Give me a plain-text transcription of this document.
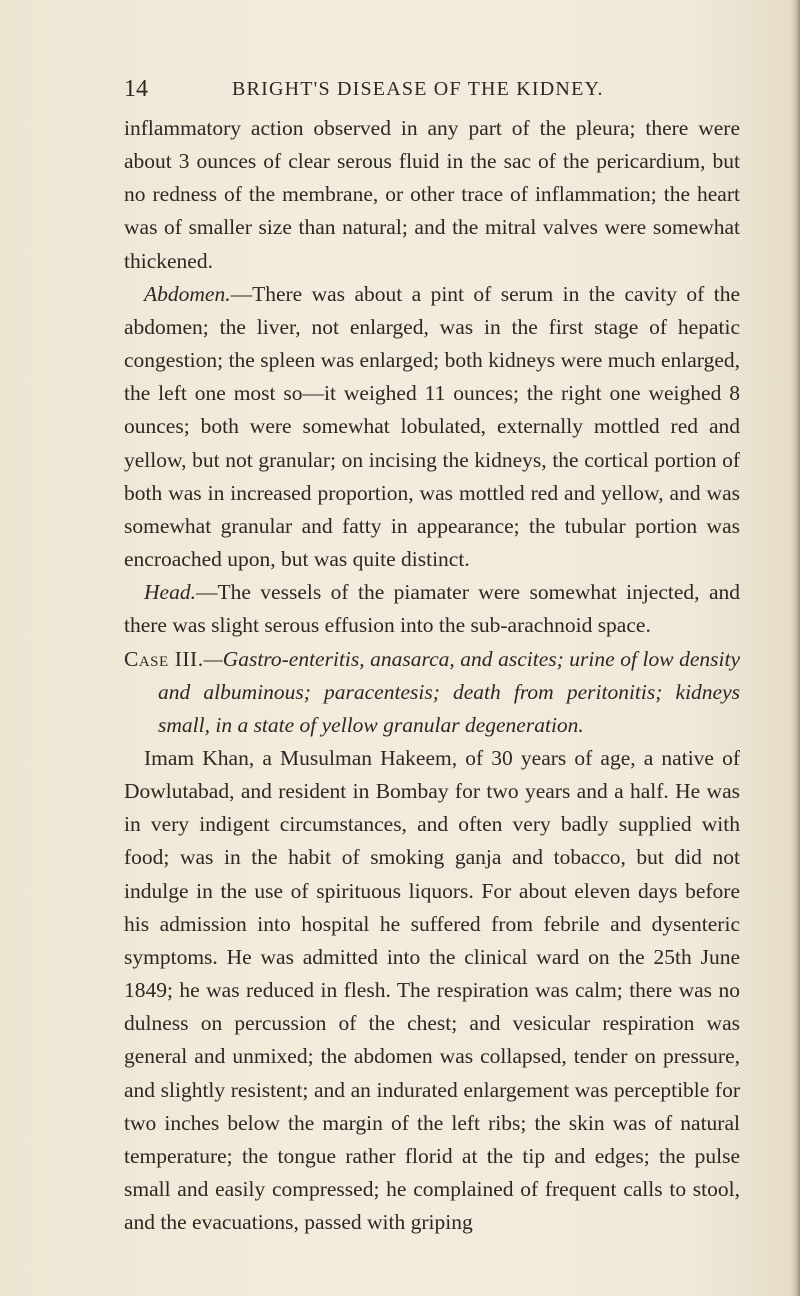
14	BRIGHT'S DISEASE OF THE KIDNEY.

inflammatory action observed in any part of the pleura; there were about 3 ounces of clear serous fluid in the sac of the pericardium, but no redness of the membrane, or other trace of inflammation; the heart was of smaller size than natural; and the mitral valves were somewhat thickened.

Abdomen.—There was about a pint of serum in the cavity of the abdomen; the liver, not enlarged, was in the first stage of hepatic congestion; the spleen was enlarged; both kidneys were much enlarged, the left one most so—it weighed 11 ounces; the right one weighed 8 ounces; both were somewhat lobulated, externally mottled red and yellow, but not granular; on incising the kidneys, the cortical portion of both was in increased proportion, was mottled red and yellow, and was somewhat granular and fatty in appearance; the tubular portion was encroached upon, but was quite distinct.

Head.—The vessels of the piamater were somewhat injected, and there was slight serous effusion into the sub-arachnoid space.

Case III.—Gastro-enteritis, anasarca, and ascites; urine of low density and albuminous; paracentesis; death from peritonitis; kidneys small, in a state of yellow granular degeneration.

Imam Khan, a Musulman Hakeem, of 30 years of age, a native of Dowlutabad, and resident in Bombay for two years and a half. He was in very indigent circumstances, and often very badly supplied with food; was in the habit of smoking ganja and tobacco, but did not indulge in the use of spirituous liquors. For about eleven days before his admission into hospital he suffered from febrile and dysenteric symptoms. He was admitted into the clinical ward on the 25th June 1849; he was reduced in flesh. The respiration was calm; there was no dulness on percussion of the chest; and vesicular respiration was general and unmixed; the abdomen was collapsed, tender on pressure, and slightly resistent; and an indurated enlargement was perceptible for two inches below the margin of the left ribs; the skin was of natural temperature; the tongue rather florid at the tip and edges; the pulse small and easily compressed; he complained of frequent calls to stool, and the evacuations, passed with griping
